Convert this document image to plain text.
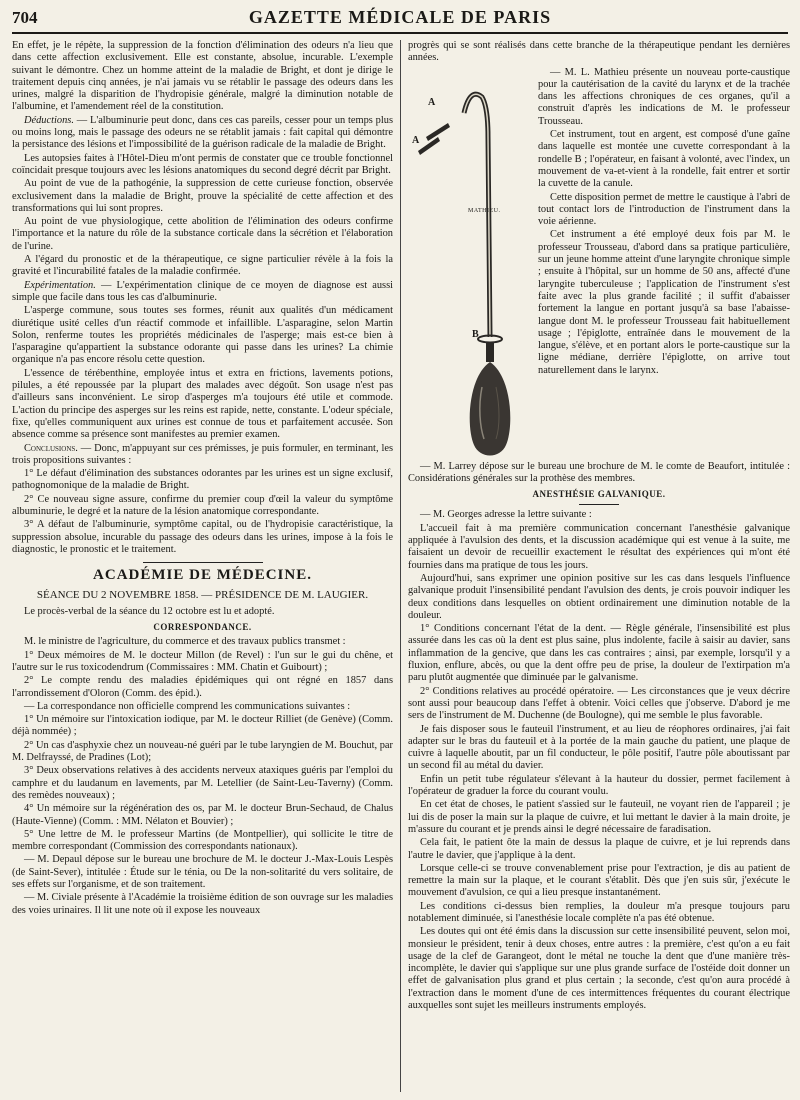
704	GAZETTE MÉDICALE DE PARIS

En effet, je le répète, la suppression de la fonction d'élimination des odeurs n'a lieu que dans cette affection exclusivement. Elle est constante, absolue, incurable. L'exemple suivant le démontre. Chez un homme atteint de la maladie de Bright, et dont je dirige le traitement depuis cinq années, je n'ai jamais vu se rétablir le passage des odeurs dans les urines, malgré la disparition de l'hydropisie générale, malgré la diminution notable de l'albumine, et l'amendement réel de la constitution.

Déductions. — L'albuminurie peut donc, dans ces cas pareils, cesser pour un temps plus ou moins long, mais le passage des odeurs ne se rétablit jamais : fait capital qui démontre la persistance des lésions et l'impossibilité de la guérison radicale de la maladie de Bright.

Les autopsies faites à l'Hôtel-Dieu m'ont permis de constater que ce trouble fonctionnel coïncidait presque toujours avec les lésions anatomiques du second degré décrit par Bright.

Au point de vue de la pathogénie, la suppression de cette curieuse fonction, observée exclusivement dans la maladie de Bright, prouve la spécialité de cette affection et des transformations qui lui sont propres.

Au point de vue physiologique, cette abolition de l'élimination des odeurs confirme l'importance et la nature du rôle de la substance corticale dans la sécrétion et l'élaboration de l'urine.

A l'égard du pronostic et de la thérapeutique, ce signe particulier révèle à la fois la gravité et l'incurabilité fatales de la maladie confirmée.

Expérimentation. — L'expérimentation clinique de ce moyen de diagnose est aussi simple que facile dans tous les cas d'albuminurie.

L'asperge commune, sous toutes ses formes, réunit aux qualités d'un médicament diurétique usité celles d'un réactif commode et infaillible. L'asparagine, selon Martin Solon, renferme toutes les propriétés médicinales de l'asperge; mais est-ce bien à l'asparagine qu'appartient la substance odorante qui passe dans les urines? La chimie organique n'a pas encore résolu cette question.

L'essence de térébenthine, employée intus et extra en frictions, lavements potions, pilules, a été repoussée par la plupart des malades avec dégoût. Son usage n'est pas d'ailleurs sans inconvénient. Le sirop d'asperges m'a toujours été utile et commode. L'action du principe des asperges sur les reins est rapide, nette, constante. L'odeur spéciale, fixe, qu'elles communiquent aux urines est connue de tous et parfaitement accusée. Son absence comme sa présence sont manifestes au premier examen.

Conclusions. — Donc, m'appuyant sur ces prémisses, je puis formuler, en terminant, les trois propositions suivantes :

1° Le défaut d'élimination des substances odorantes par les urines est un signe exclusif, pathognomonique de la maladie de Bright.

2° Ce nouveau signe assure, confirme du premier coup d'œil la valeur du symptôme albuminurie, le degré et la nature de la lésion anatomique correspondante.

3° A défaut de l'albuminurie, symptôme capital, ou de l'hydropisie caractéristique, la suppression absolue, incurable du passage des odeurs dans les urines, impose à la fois le diagnostic, le pronostic et le traitement.

ACADÉMIE DE MÉDECINE.
SÉANCE DU 2 NOVEMBRE 1858. — PRÉSIDENCE DE M. LAUGIER.

Le procès-verbal de la séance du 12 octobre est lu et adopté.

CORRESPONDANCE.

M. le ministre de l'agriculture, du commerce et des travaux publics transmet :

1° Deux mémoires de M. le docteur Millon (de Revel) : l'un sur le gui du chêne, et l'autre sur le rus toxicodendrum (Commissaires : MM. Chatin et Guibourt) ;

2° Le compte rendu des maladies épidémiques qui ont régné en 1857 dans l'arrondissement d'Oloron (Comm. des épid.).

— La correspondance non officielle comprend les communications suivantes :

1° Un mémoire sur l'intoxication iodique, par M. le docteur Rilliet (de Genève) (Comm. déjà nommée) ;

2° Un cas d'asphyxie chez un nouveau-né guéri par le tube laryngien de M. Bouchut, par M. Delfrayssé, de Pradines (Lot);

3° Deux observations relatives à des accidents nerveux ataxiques guéris par l'emploi du camphre et du laudanum en lavements, par M. Letellier (de Saint-Leu-Taverny) (Comm. des remèdes nouveaux) ;

4° Un mémoire sur la régénération des os, par M. le docteur Brun-Sechaud, de Chalus (Haute-Vienne) (Comm. : MM. Nélaton et Bouvier) ;

5° Une lettre de M. le professeur Martins (de Montpellier), qui sollicite le titre de membre correspondant (Commission des correspondants nationaux).

— M. Depaul dépose sur le bureau une brochure de M. le docteur J.-Max-Louis Lespès (de Saint-Sever), intitulée : Étude sur le ténia, ou De la non-solitarité du vers solitaire, de ses effets sur l'organisme, et de son traitement.

— M. Civiale présente à l'Académie la troisième édition de son ouvrage sur les maladies des voies urinaires. Il lit une note où il expose les nouveaux

progrès qui se sont réalisés dans cette branche de la thérapeutique pendant les dernières années.

A
A
B
MATHIEU.

— M. L. Mathieu présente un nouveau porte-caustique pour la cautérisation de la cavité du larynx et de la trachée dans les affections chroniques de ces organes, qu'il a construit d'après les indications de M. le professeur Trousseau.

Cet instrument, tout en argent, est composé d'une gaîne dans laquelle est montée une cuvette correspondant à la rondelle B ; l'opérateur, en faisant à volonté, avec l'index, un mouvement de va-et-vient à la rondelle, fait entrer et sortir la cuvette de la canule.

Cette disposition permet de mettre le caustique à l'abri de tout contact lors de l'introduction de l'instrument dans la voie aérienne.

Cet instrument a été employé deux fois par M. le professeur Trousseau, d'abord dans sa pratique particulière, sur un jeune homme atteint d'une laryngite chronique simple ; ensuite à l'hôpital, sur un homme de 50 ans, affecté d'une laryngite tuberculeuse ; l'application de l'instrument s'est faite avec la plus grande facilité ; il suffit d'abaisser fortement la langue en portant jusqu'à sa base l'abaisse-langue dont M. le professeur Trousseau fait habituellement usage ; l'épiglotte, entraînée dans le mouvement de la langue, s'élève, et en portant alors le porte-caustique sur la ligne médiane, derrière l'épiglotte, on arrive tout naturellement dans le larynx.

— M. Larrey dépose sur le bureau une brochure de M. le comte de Beaufort, intitulée : Considérations générales sur la prothèse des membres.

ANESTHÉSIE GALVANIQUE.

— M. Georges adresse la lettre suivante :

L'accueil fait à ma première communication concernant l'anesthésie galvanique appliquée à l'avulsion des dents, et la discussion académique qui est venue à la suite, me faisaient un devoir de recueillir exactement le résultat des expériences qui m'ont été fournies dans ma pratique de tous les jours.

Aujourd'hui, sans exprimer une opinion positive sur les cas dans lesquels l'influence galvanique produit l'insensibilité pendant l'avulsion des dents, je crois pouvoir indiquer les deux conditions dans lesquelles on obtient ordinairement une diminution notable de la douleur.

1° Conditions concernant l'état de la dent. — Règle générale, l'insensibilité est plus assurée dans les cas où la dent est plus saine, plus indolente, facile à saisir au davier, sans inflammation de la gencive, que dans les cas contraires ; ainsi, par exemple, lorsqu'il y a fluxion, enflure, abcès, ou que la dent offre peu de prise, la douleur de l'extirpation m'a paru plutôt augmentée que diminuée par le galvanisme.

2° Conditions relatives au procédé opératoire. — Les circonstances que je veux décrire sont aussi pour beaucoup dans l'effet à obtenir. Voici celles que j'observe. D'abord je me sers de l'instrument de M. Duchenne (de Boulogne), qui me semble le plus favorable.

Je fais disposer sous le fauteuil l'instrument, et au lieu de réophores ordinaires, j'ai fait adapter sur le bras du fauteuil et à la portée de la main gauche du patient, une plaque de cuivre à laquelle aboutit, par un fil conducteur, le pôle positif, l'autre pôle aboutissant par un second fil au métal du davier.

Enfin un petit tube régulateur s'élevant à la hauteur du dossier, permet facilement à l'opérateur de graduer la force du courant voulu.

En cet état de choses, le patient s'assied sur le fauteuil, ne voyant rien de l'appareil ; je lui dis de poser la main sur la plaque de cuivre, et lui mettant le davier à la main droite, je m'assure du courant et je prends ainsi le degré nécessaire de faradisation.

Cela fait, le patient ôte la main de dessus la plaque de cuivre, et je lui reprends dans l'autre le davier, que j'applique à la dent.

Lorsque celle-ci se trouve convenablement prise pour l'extraction, je dis au patient de remettre la main sur la plaque, et le courant s'établit. Dès que j'en suis sûr, j'exécute le mouvement d'avulsion, ce qui a lieu presque instantanément.

Les conditions ci-dessus bien remplies, la douleur m'a presque toujours paru notablement diminuée, si l'anesthésie locale complète n'a pas été obtenue.

Les doutes qui ont été émis dans la discussion sur cette insensibilité peuvent, selon moi, monsieur le président, tenir à deux choses, entre autres : la première, c'est qu'on a eu fait usage de la clef de Garangeot, dont le métal ne touche la dent que d'une manière très-incomplète, le davier qui s'applique sur une plus grande surface de l'ostéide doit donner un effet de galvanisation plus grand et plus certain ; la seconde, c'est qu'on aura procédé à l'extraction dans le moment d'une de ces intermittences fréquentes du courant électrique auxquelles sont sujet les meilleurs instruments employés.
